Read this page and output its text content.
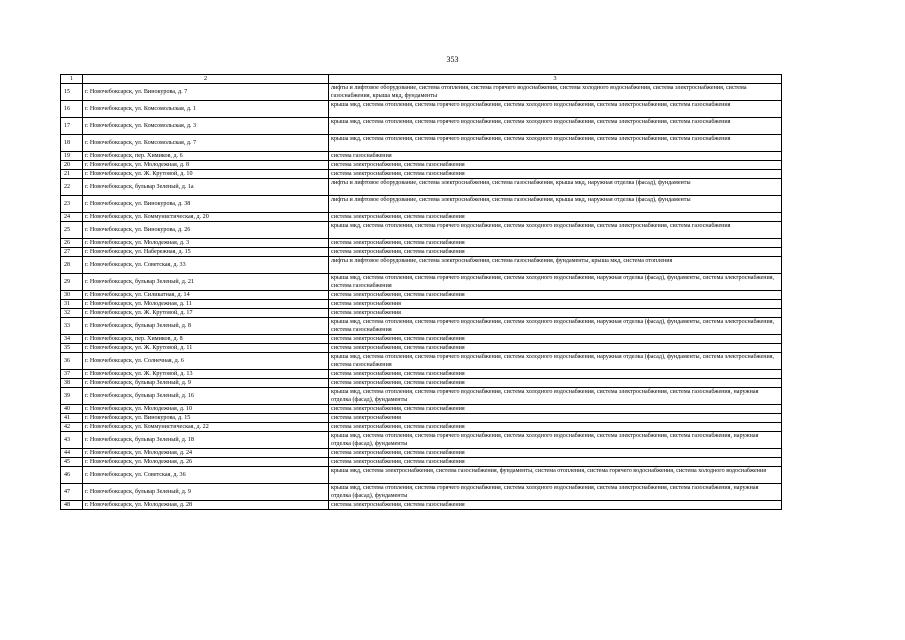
353
1	2	3
15	г. Новочебоксарск, ул. Винокурова, д. 7	лифты и лифтовое оборудование, система отопления, система горячего водоснабжения, система холодного водоснабжения, система электроснабжения, система газоснабжения, крыша мкд, фундаменты
16	г. Новочебоксарск, ул. Комсомольская, д. 1	крыша мкд, система отопления, система горячего водоснабжения, система холодного водоснабжения, система электроснабжения, система газоснабжения
17	г. Новочебоксарск, ул. Комсомольская, д. 3	крыша мкд, система отопления, система горячего водоснабжения, система холодного водоснабжения, система электроснабжения, система газоснабжения
18	г. Новочебоксарск, ул. Комсомольская, д. 7	крыша мкд, система отопления, система горячего водоснабжения, система холодного водоснабжения, система электроснабжения, система газоснабжения
19	г. Новочебоксарск, пер. Химиков, д. 6	система газоснабжения
20	г. Новочебоксарск, ул. Молодежная, д. 8	система электроснабжения, система газоснабжения
21	г. Новочебоксарск, ул. Ж. Крутовой, д. 10	система электроснабжения, система газоснабжения
22	г. Новочебоксарск, бульвар Зеленый, д. 1а	лифты и лифтовое оборудование, система электроснабжения, система газоснабжения, крыша мкд, наружная отделка (фасад), фундаменты
23	г. Новочебоксарск, ул. Винокурова, д. 38	лифты и лифтовое оборудование, система электроснабжения, система газоснабжения, крыша мкд, наружная отделка (фасад), фундаменты
24	г. Новочебоксарск, ул. Коммунистическая, д. 20	система электроснабжения, система газоснабжения
25	г. Новочебоксарск, ул. Винокурова, д. 26	крыша мкд, система отопления, система горячего водоснабжения, система холодного водоснабжения, система электроснабжения, система газоснабжения
26	г. Новочебоксарск, ул. Молодежная, д. 3	система электроснабжения, система газоснабжения
27	г. Новочебоксарск, ул. Набережная, д. 15	система электроснабжения, система газоснабжения
28	г. Новочебоксарск, ул. Советская, д. 33	лифты и лифтовое оборудование, система электроснабжения, система газоснабжения, фундаменты, крыша мкд, система отопления
29	г. Новочебоксарск, бульвар Зеленый, д. 21	крыша мкд, система отопления, система горячего водоснабжения, система холодного водоснабжения, наружная отделка (фасад), фундаменты, система электроснабжения, система газоснабжения
30	г. Новочебоксарск, ул. Силикатная, д. 14	система электроснабжения, система газоснабжения
31	г. Новочебоксарск, ул. Молодежная, д. 11	система электроснабжения
32	г. Новочебоксарск, ул. Ж. Крутовой, д. 17	система электроснабжения
33	г. Новочебоксарск, бульвар Зеленый, д. 8	крыша мкд, система отопления, система горячего водоснабжения, система холодного водоснабжения, наружная отделка (фасад), фундаменты, система электроснабжения, система газоснабжения
34	г. Новочебоксарск, пер. Химиков, д. 8	система электроснабжения, система газоснабжения
35	г. Новочебоксарск, ул. Ж. Крутовой, д. 11	система электроснабжения, система газоснабжения
36	г. Новочебоксарск, ул. Солнечная, д. 6	крыша мкд, система отопления, система горячего водоснабжения, система холодного водоснабжения, наружная отделка (фасад), фундаменты, система электроснабжения, система газоснабжения
37	г. Новочебоксарск, ул. Ж. Крутовой, д. 13	система электроснабжения, система газоснабжения
38	г. Новочебоксарск, бульвар Зеленый, д. 9	система электроснабжения, система газоснабжения
39	г. Новочебоксарск, бульвар Зеленый, д. 16	крыша мкд, система отопления, система горячего водоснабжения, система холодного водоснабжения, система электроснабжения, система газоснабжения, наружная отделка (фасад), фундаменты
40	г. Новочебоксарск, ул. Молодежная, д. 10	система электроснабжения, система газоснабжения
41	г. Новочебоксарск, ул. Винокурова, д. 15	система электроснабжения
42	г. Новочебоксарск, ул. Коммунистическая, д. 22	система электроснабжения, система газоснабжения
43	г. Новочебоксарск, бульвар Зеленый, д. 18	крыша мкд, система отопления, система горячего водоснабжения, система холодного водоснабжения, система электроснабжения, система газоснабжения, наружная отделка (фасад), фундаменты
44	г. Новочебоксарск, ул. Молодежная, д. 24	система электроснабжения, система газоснабжения
45	г. Новочебоксарск, ул. Молодежная, д. 26	система электроснабжения, система газоснабжения
46	г. Новочебоксарск, ул. Советская, д. 36	крыша мкд, система электроснабжения, система газоснабжения, фундаменты, система отопления, система горячего водоснабжения, система холодного водоснабжения
47	г. Новочебоксарск, бульвар Зеленый, д. 9	крыша мкд, система отопления, система горячего водоснабжения, система холодного водоснабжения, система электроснабжения, система газоснабжения, наружная отделка (фасад), фундаменты
48	г. Новочебоксарск, ул. Молодежная, д. 28	система электроснабжения, система газоснабжения
